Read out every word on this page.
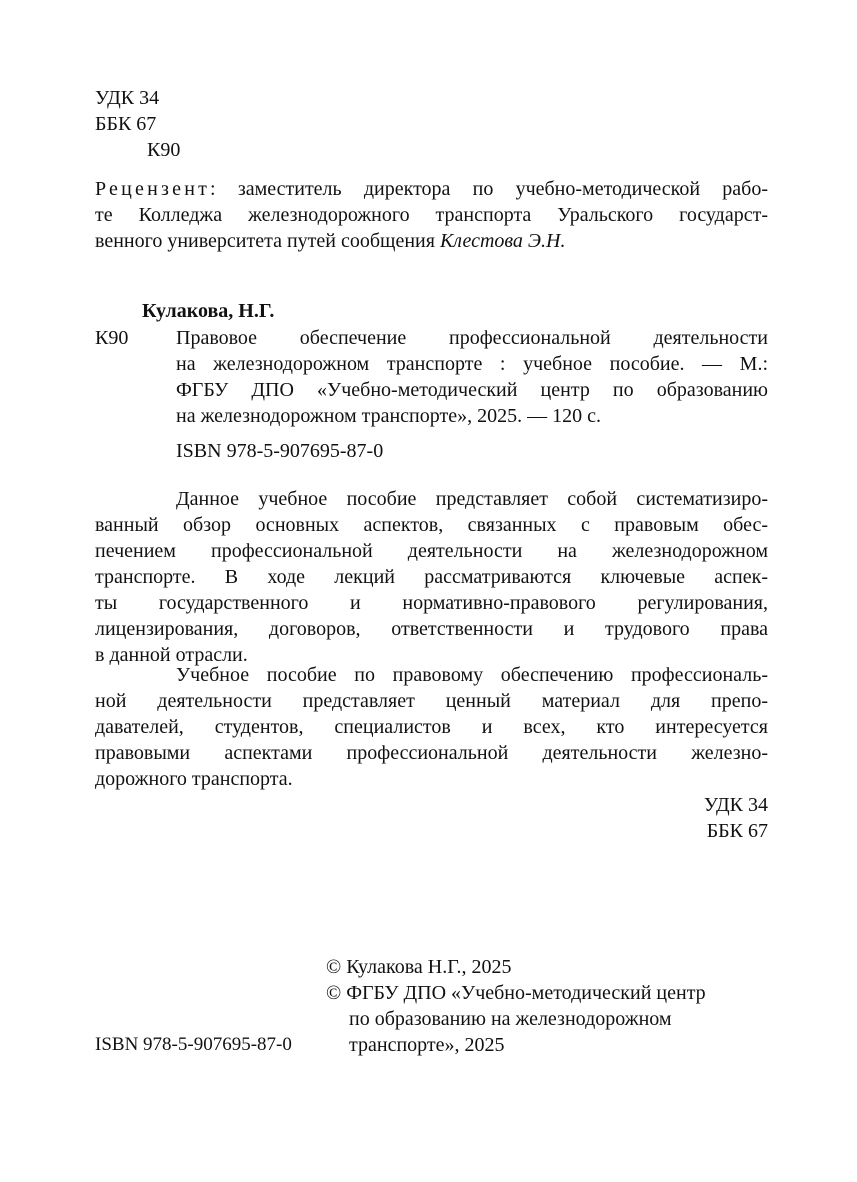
УДК 34
ББК 67
К90
Рецензент: заместитель директора по учебно-методической рабо-
те Колледжа железнодорожного транспорта Уральского государст-
венного университета путей сообщения Клестова Э.Н.
Кулакова, Н.Г.
К90 Правовое обеспечение профессиональной деятельности
на железнодорожном транспорте : учебное пособие. — М.:
ФГБУ ДПО «Учебно-методический центр по образованию
на железнодорожном транспорте», 2025. — 120 с.
ISBN 978-5-907695-87-0
Данное учебное пособие представляет собой систематизиро-
ванный обзор основных аспектов, связанных с правовым обес-
печением профессиональной деятельности на железнодорожном
транспорте. В ходе лекций рассматриваются ключевые аспек-
ты государственного и нормативно-правового регулирования,
лицензирования, договоров, ответственности и трудового права
в данной отрасли.
Учебное пособие по правовому обеспечению профессиональ-
ной деятельности представляет ценный материал для препо-
давателей, студентов, специалистов и всех, кто интересуется
правовыми аспектами профессиональной деятельности железно-
дорожного транспорта.
УДК 34
ББК 67
© Кулакова Н.Г., 2025
© ФГБУ ДПО «Учебно-методический центр
по образованию на железнодорожном
транспорте», 2025
ISBN 978-5-907695-87-0
